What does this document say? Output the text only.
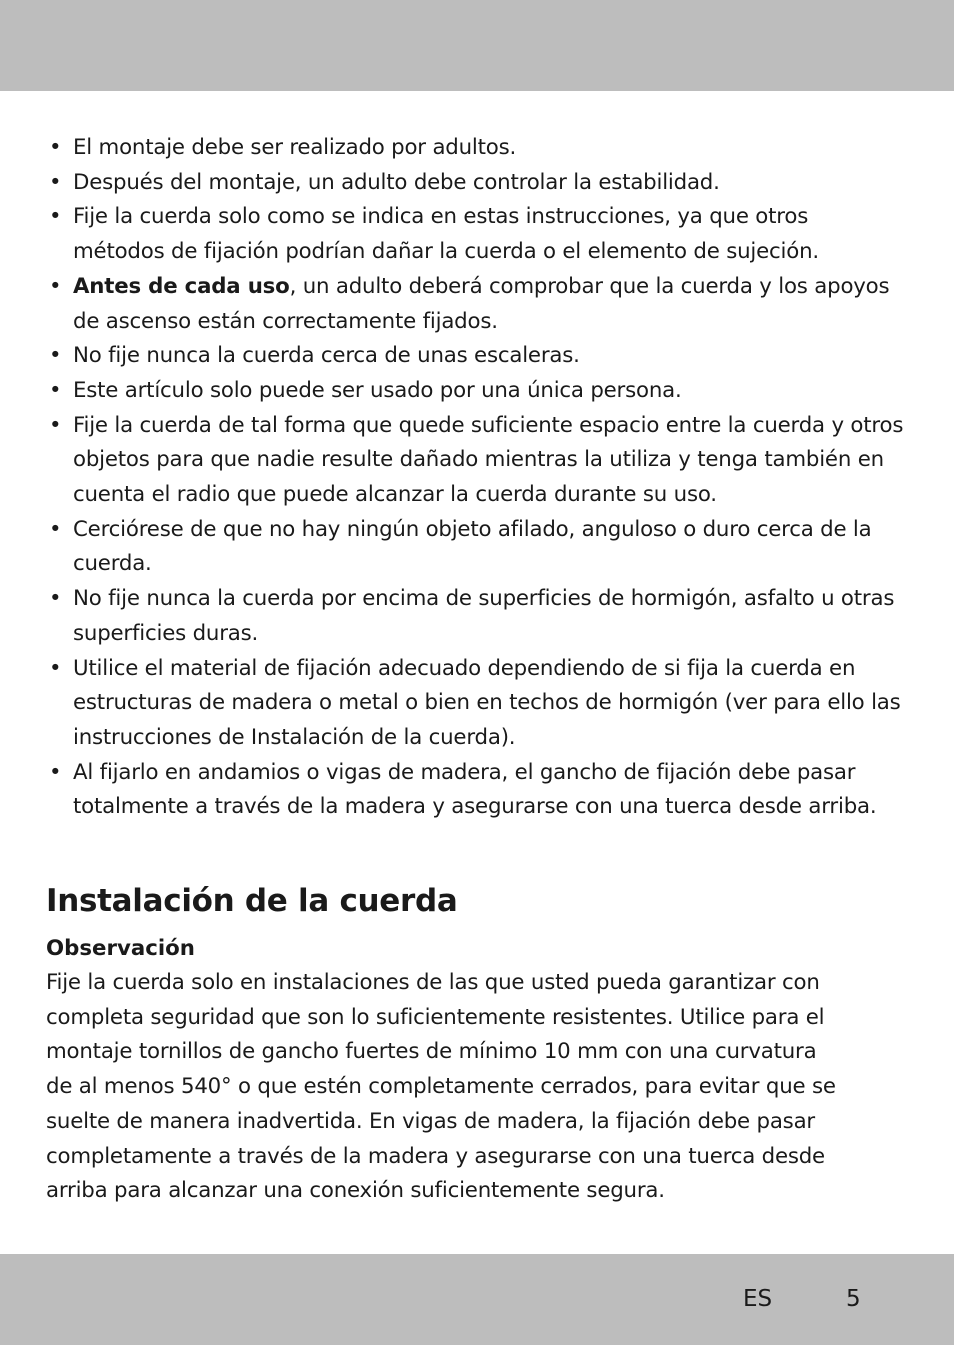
• El montaje debe ser realizado por adultos.
• Después del montaje, un adulto debe controlar la estabilidad.
• Fije la cuerda solo como se indica en estas instrucciones, ya que otros métodos de fijación podrían dañar la cuerda o el elemento de sujeción.
• Antes de cada uso, un adulto deberá comprobar que la cuerda y los apoyos de ascenso están correctamente fijados.
• No fije nunca la cuerda cerca de unas escaleras.
• Este artículo solo puede ser usado por una única persona.
• Fije la cuerda de tal forma que quede suficiente espacio entre la cuerda y otros objetos para que nadie resulte dañado mientras la utiliza y tenga también en cuenta el radio que puede alcanzar la cuerda durante su uso.
• Cerciórese de que no hay ningún objeto afilado, anguloso o duro cerca de la cuerda.
• No fije nunca la cuerda por encima de superficies de hormigón, asfalto u otras superficies duras.
• Utilice el material de fijación adecuado dependiendo de si fija la cuerda en estructuras de madera o metal o bien en techos de hormigón (ver para ello las instrucciones de Instalación de la cuerda).
• Al fijarlo en andamios o vigas de madera, el gancho de fijación debe pasar totalmente a través de la madera y asegurarse con una tuerca desde arriba.
Instalación de la cuerda
Observación

Fije la cuerda solo en instalaciones de las que usted pueda garantizar con
completa seguridad que son lo suficientemente resistentes. Utilice para el
montaje tornillos de gancho fuertes de mínimo 10 mm con una curvatura
de al menos 540° o que estén completamente cerrados, para evitar que se
suelte de manera inadvertida. En vigas de madera, la fijación debe pasar
completamente a través de la madera y asegurarse con una tuerca desde
arriba para alcanzar una conexión suficientemente segura.

ES	5
